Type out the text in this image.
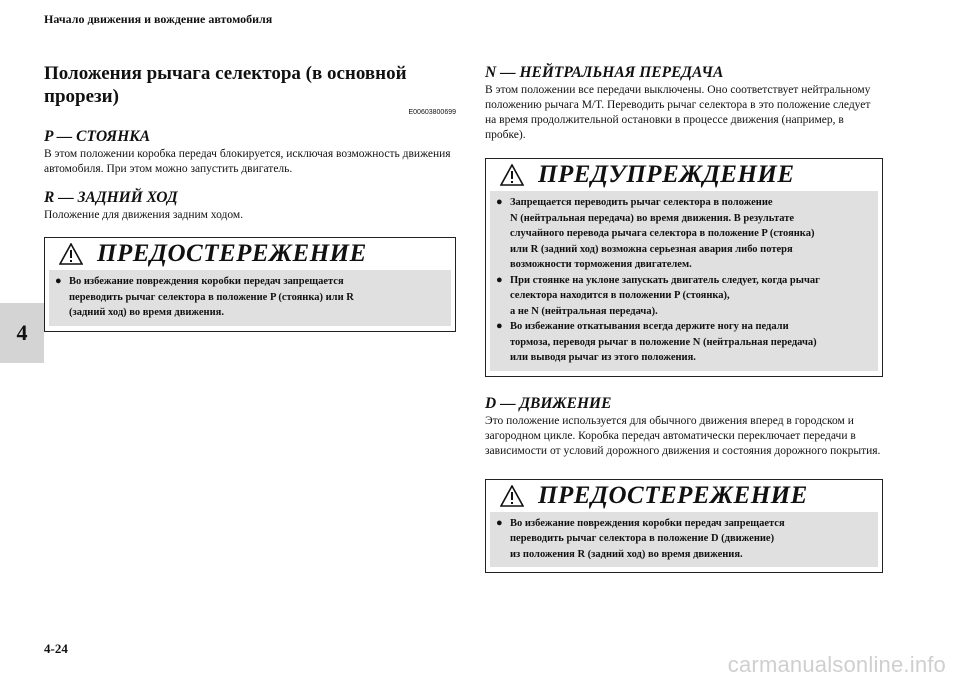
Начало движения и вождение автомобиля
4
Положения рычага селектора (в основной прорези)
E00603800699
P — СТОЯНКА

В этом положении коробка передач блокируется, исключая возможность движения автомобиля. При этом можно запустить двигатель.

R — ЗАДНИЙ ХОД

Положение для движения задним ходом.

ПРЕДОСТЕРЕЖЕНИЕ
● Во избежание повреждения коробки передач запрещается
переводить рычаг селектора в положение P (стоянка) или R
(задний ход) во время движения.
N — НЕЙТРАЛЬНАЯ ПЕРЕДАЧА

В этом положении все передачи выключены. Оно соответствует нейтральному положению рычага M/T. Переводить рычаг селектора в это положение следует на время продолжительной остановки в процессе движения (например, в пробке).

ПРЕДУПРЕЖДЕНИЕ
● Запрещается переводить рычаг селектора в положение
N (нейтральная передача) во время движения. В результате
случайного перевода рычага селектора в положение P (стоянка)
или R (задний ход) возможна серьезная авария либо потеря
возможности торможения двигателем.
● При стоянке на уклоне запускать двигатель следует, когда рычаг
селектора находится в положении P (стоянка),
а не N (нейтральная передача).
● Во избежание откатывания всегда держите ногу на педали
тормоза, переводя рычаг в положение N (нейтральная передача)
или выводя рычаг из этого положения.
D — ДВИЖЕНИЕ

Это положение используется для обычного движения вперед в городском и загородном цикле. Коробка передач автоматически переключает передачи в зависимости от условий дорожного движения и состояния дорожного покрытия.

ПРЕДОСТЕРЕЖЕНИЕ
● Во избежание повреждения коробки передач запрещается
переводить рычаг селектора в положение D (движение)
из положения R (задний ход) во время движения.
4-24
carmanualsonline.info
